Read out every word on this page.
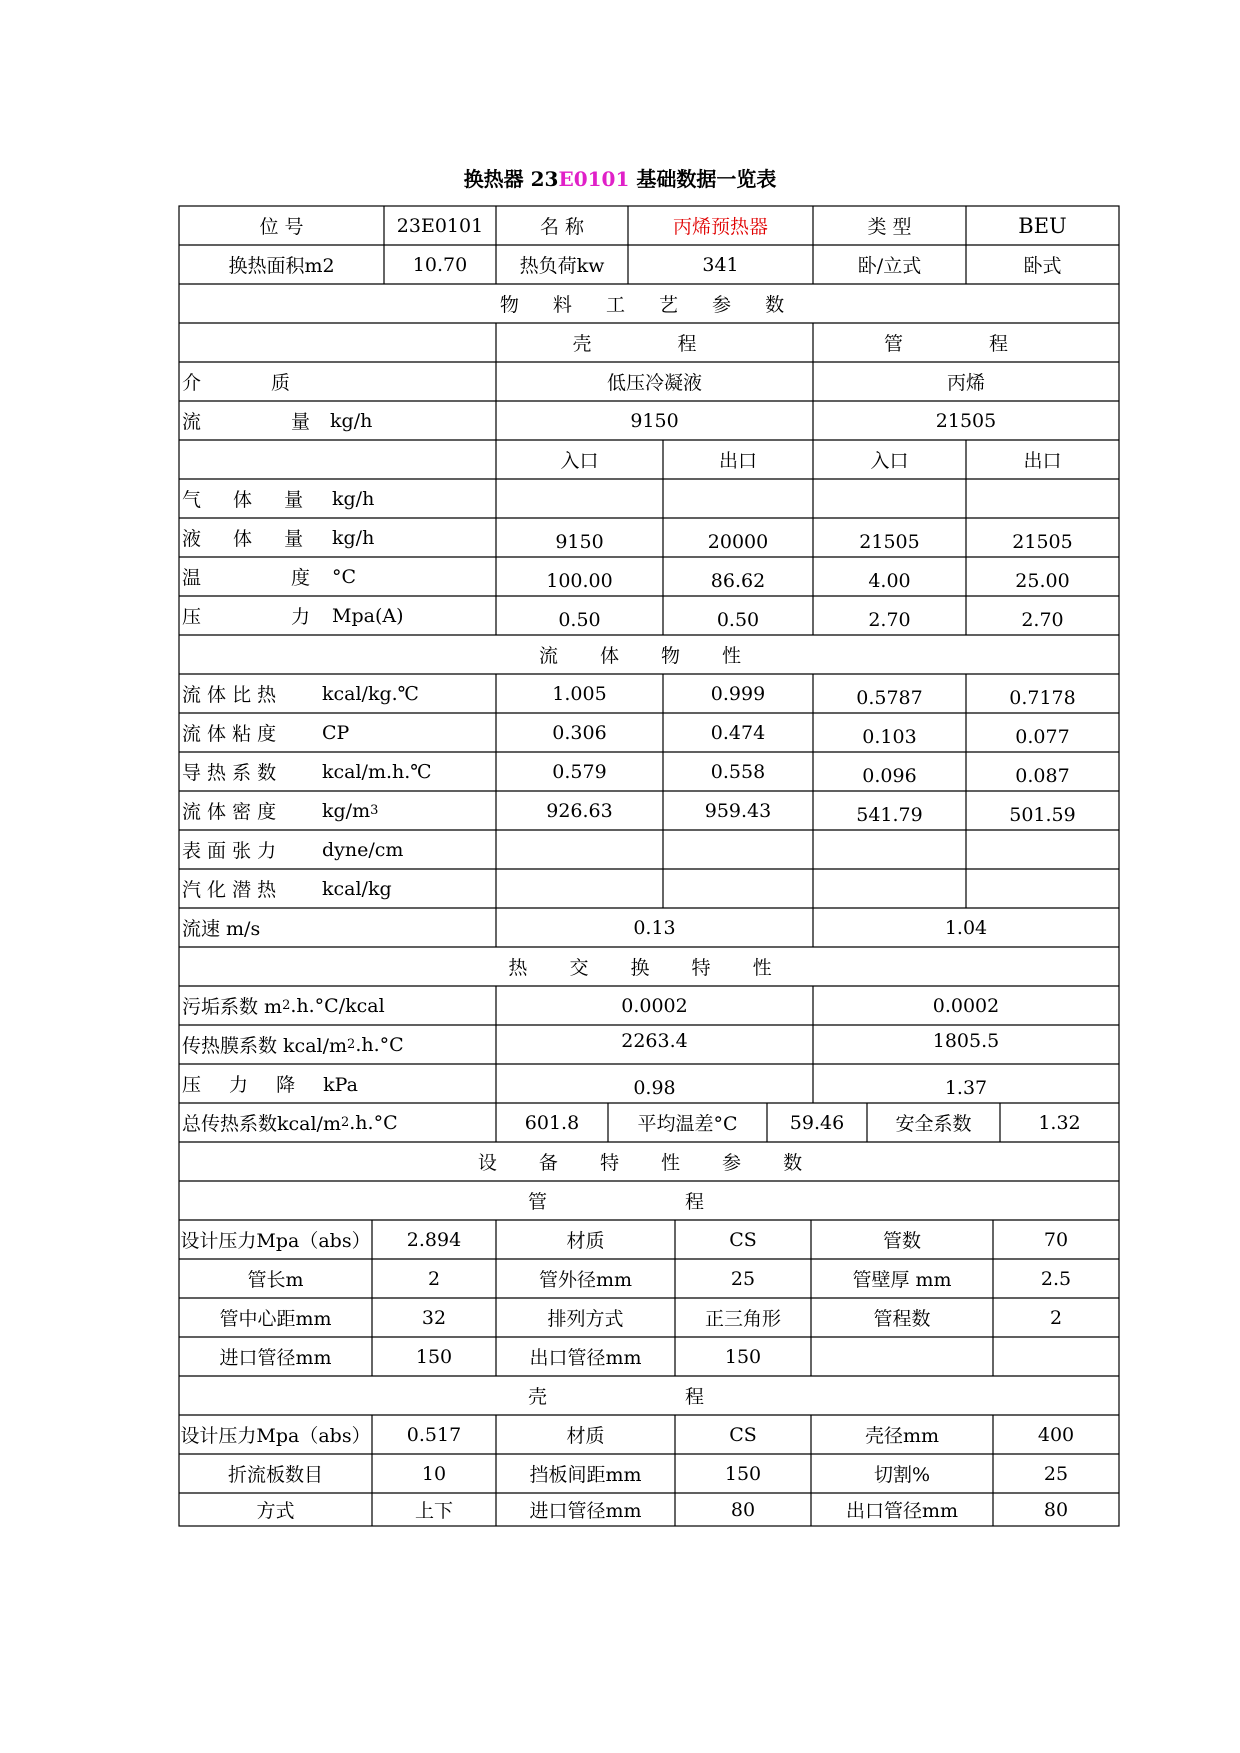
换热器 23E0101 基础数据一览表
位 号	23E0101	名 称	丙烯预热器	类 型	BEU
换热面积m2	10.70	热负荷kw	341	卧/立式	卧式
物 料 工 艺 参 数
壳 程	管 程
介 质	低压冷凝液	丙烯
流 量 kg/h	9150	21505
入口	出口	入口	出口
气 体 量	kg/h
液 体 量	kg/h	9150	20000	21505	21505
温 度	°C	100.00	86.62	4.00	25.00
压 力	Mpa(A)	0.50	0.50	2.70	2.70
流 体 物 性
流 体 比 热	kcal/kg.℃	1.005	0.999	0.5787	0.7178
流 体 粘 度	CP	0.306	0.474	0.103	0.077
导 热 系 数	kcal/m.h.℃	0.579	0.558	0.096	0.087
流 体 密 度	kg/m 3	926.63	959.43	541.79	501.59
表 面 张 力	dyne/cm
汽 化 潜 热	kcal/kg
流速 m/s	0.13	1.04
热 交 换 特 性
污垢系数 m 2 .h.°C/kcal	0.0002	0.0002
传热膜系数 kcal/m 2 .h.°C	2263.4	1805.5
压 力 降 kPa	0.98	1.37
总传热系数kcal/m 2 .h.°C	601.8	平均温差°C	59.46	安全系数	1.32
设 备 特 性 参 数
管 程
设计压力Mpa（abs）	2.894	材质	CS	管数	70
管长m	2	管外径mm	25	管壁厚 mm	2.5
管中心距mm	32	排列方式	正三角形	管程数	2
进口管径mm	150	出口管径mm	150
壳 程
设计压力Mpa（abs）	0.517	材质	CS	壳径mm	400
折流板数目	10	挡板间距mm	150	切割%	25
方式	上下	进口管径mm	80	出口管径mm	80
